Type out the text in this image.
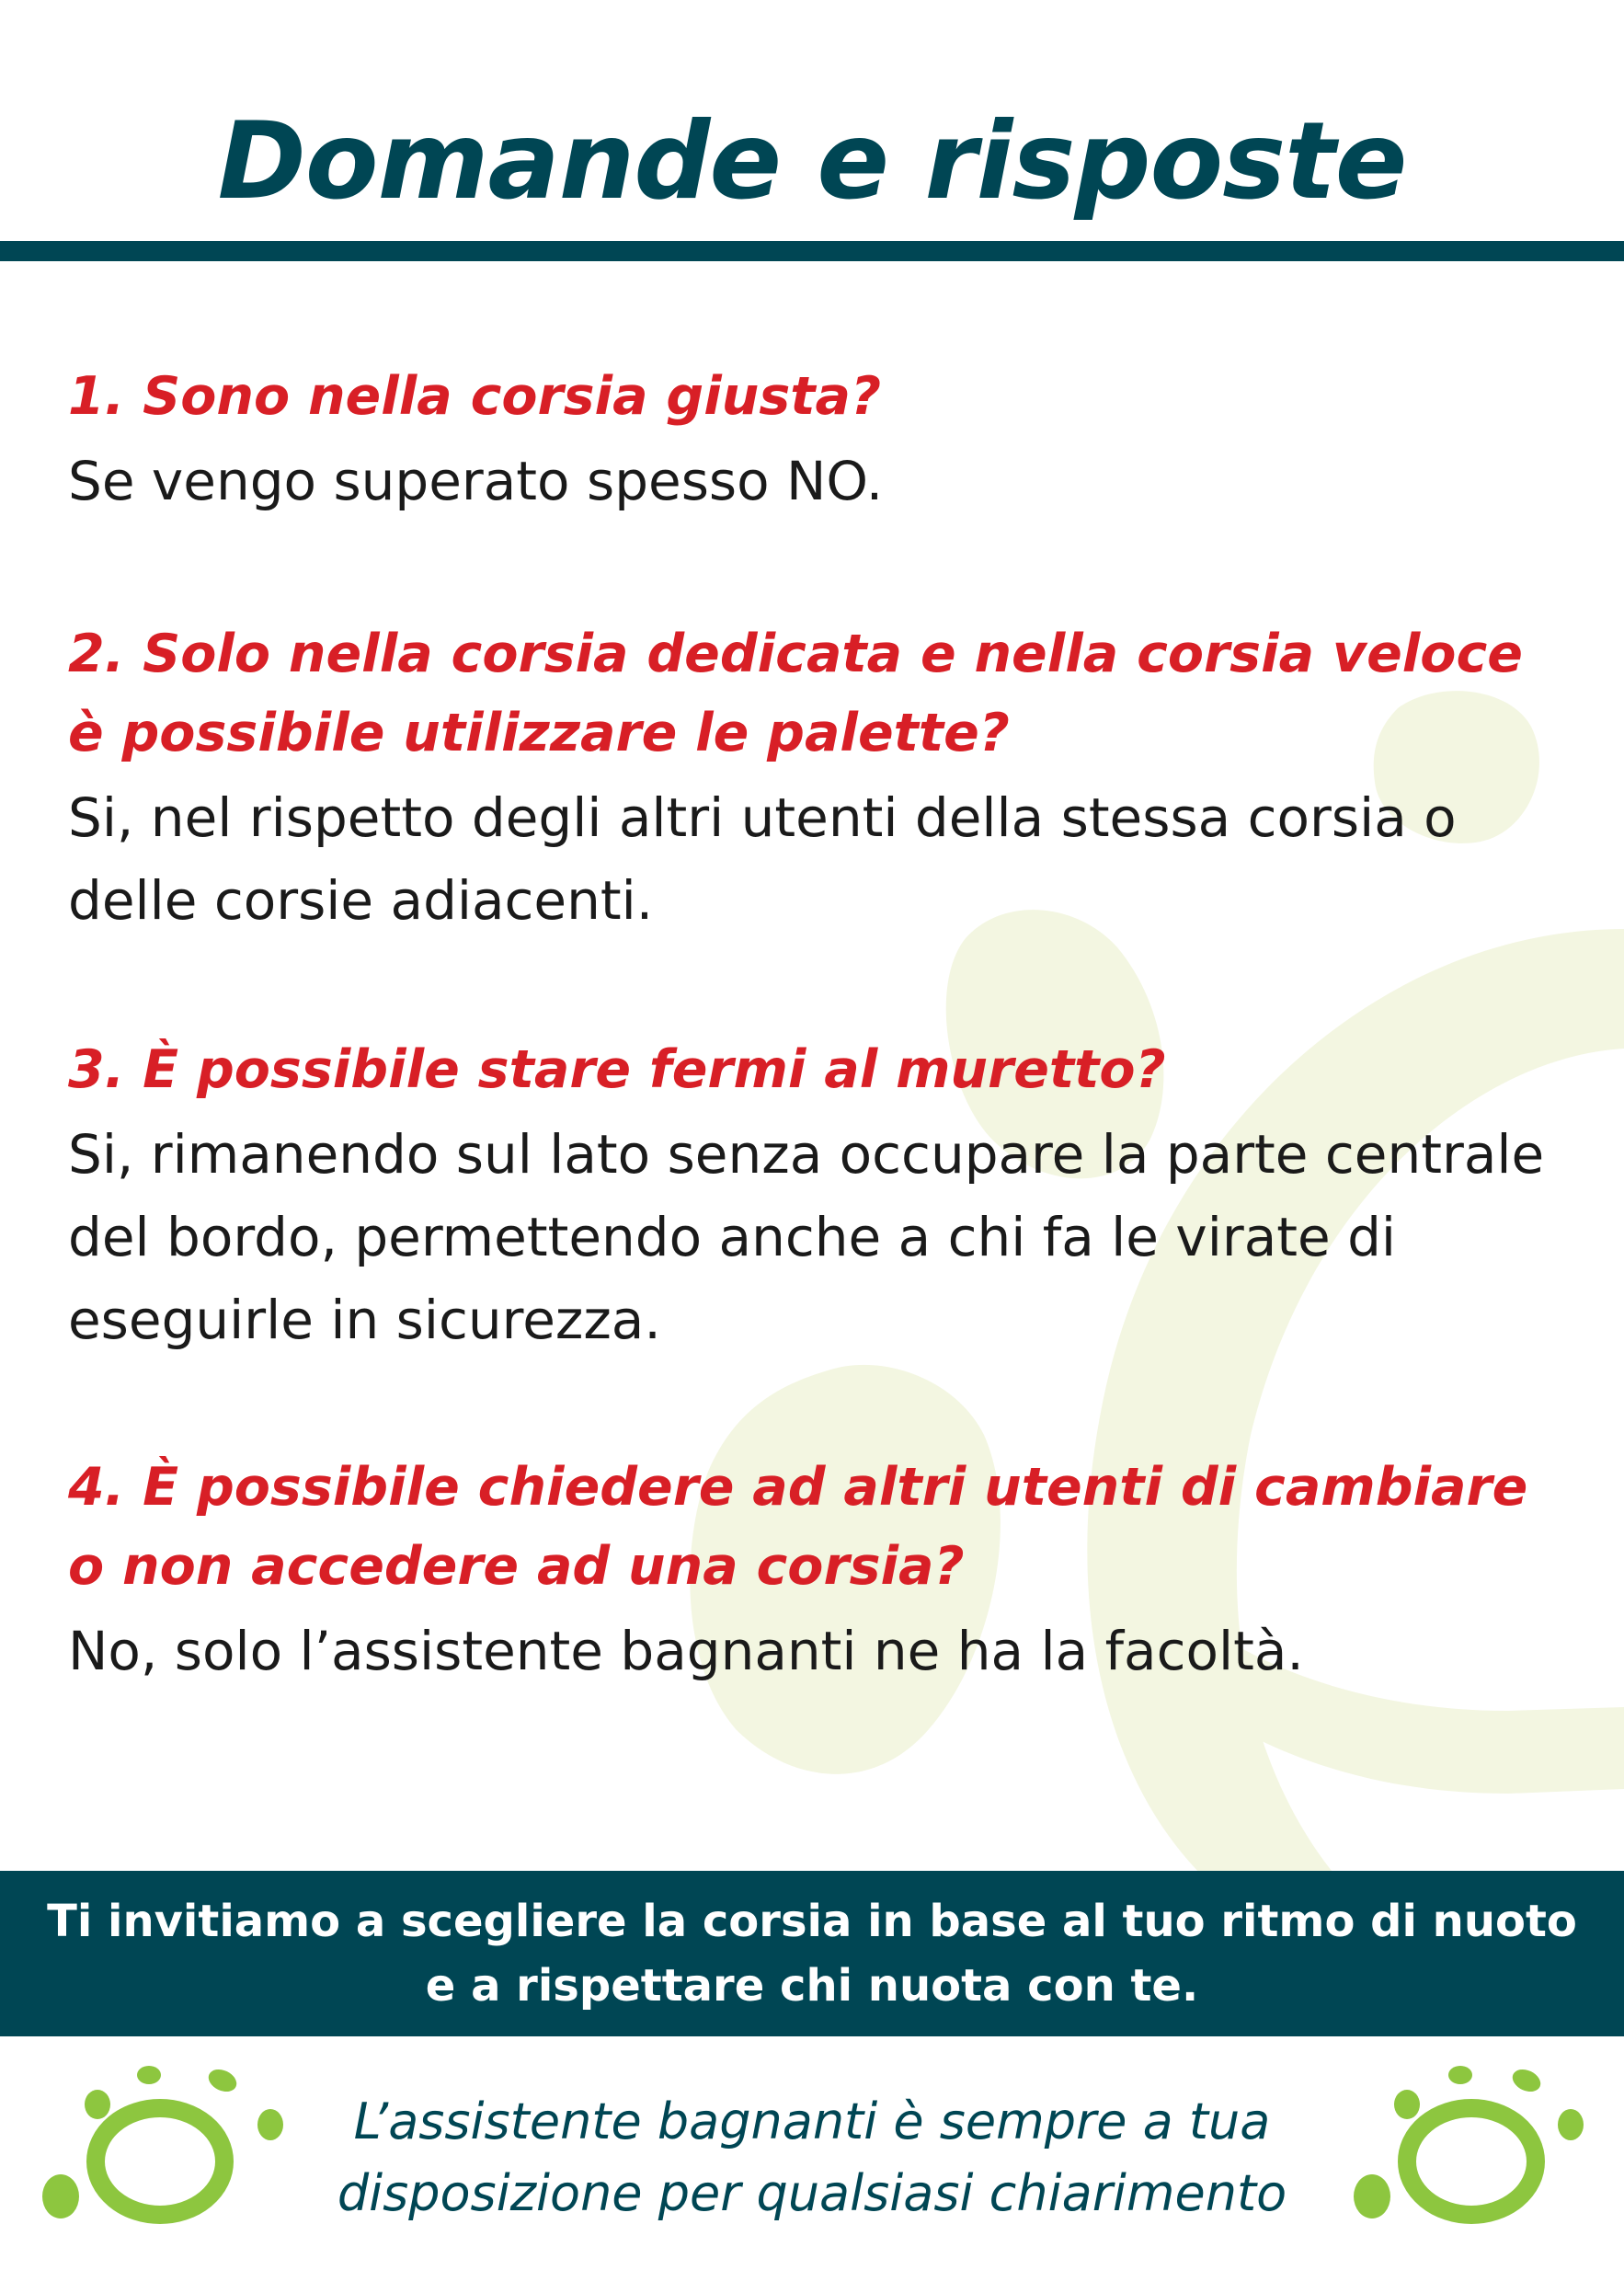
Domande e risposte

1. Sono nella corsia giusta?

Se vengo superato spesso NO.

2. Solo nella corsia dedicata e nella corsia veloce è possibile utilizzare le palette?

Si, nel rispetto degli altri utenti della stessa corsia o delle corsie adiacenti.

3. È possibile stare fermi al muretto?

Si, rimanendo sul lato senza occupare la parte centrale del bordo, permettendo anche a chi fa le virate di eseguirle in sicurezza.

4. È possibile chiedere ad altri utenti di cambiare o non accedere ad una corsia?

No, solo l’assistente bagnanti ne ha la facoltà.

Ti invitiamo a scegliere la corsia in base al tuo ritmo di nuoto
e a rispettare chi nuota con te.
L’assistente bagnanti è sempre a tua
disposizione per qualsiasi chiarimento
